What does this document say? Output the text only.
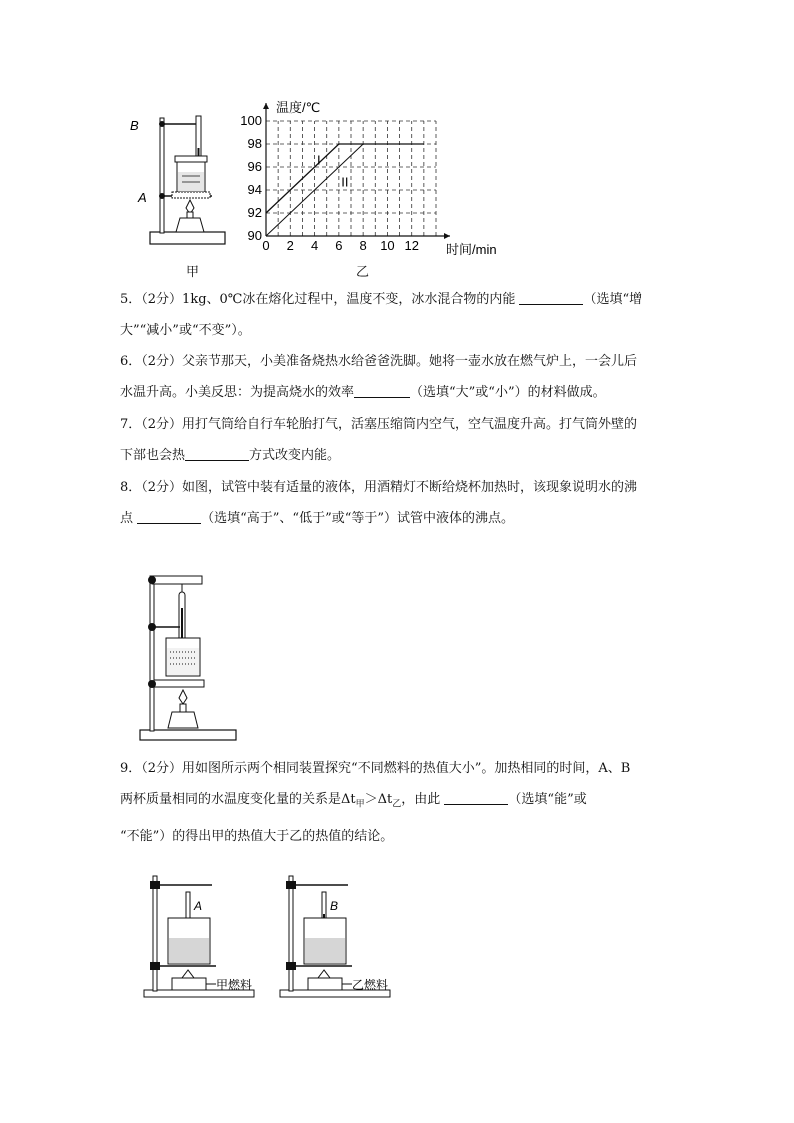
B
A
甲
I
II
0 2 4 6 8 10 12
90
92
94
96
98
100
温度/℃
时间/min
乙
5．（2分）1kg、0℃冰在熔化过程中，温度不变，冰水混合物的内能	（选填“增
大”“减小”或“不变”）。
6．（2分）父亲节那天，小美准备烧热水给爸爸洗脚。她将一壶水放在燃气炉上，一会儿后
水温升高。小美反思：为提高烧水的效率	（选填“大”或“小”）的材料做成。
7．（2分）用打气筒给自行车轮胎打气，活塞压缩筒内空气，空气温度升高。打气筒外壁的
下部也会热	方式改变内能。
8．（2分）如图，试管中装有适量的液体，用酒精灯不断给烧杯加热时，该现象说明水的沸
点	（选填“高于”、“低于”或“等于”）试管中液体的沸点。
9．（2分）用如图所示两个相同装置探究“不同燃料的热值大小”。加热相同的时间，A、B
两杯质量相同的水温度变化量的关系是$\Delta t_甲>\Delta t_乙$，由此	（选填“能”或
“不能”）的得出甲的热值大于乙的热值的结论。
A
甲燃料
B
乙燃料
